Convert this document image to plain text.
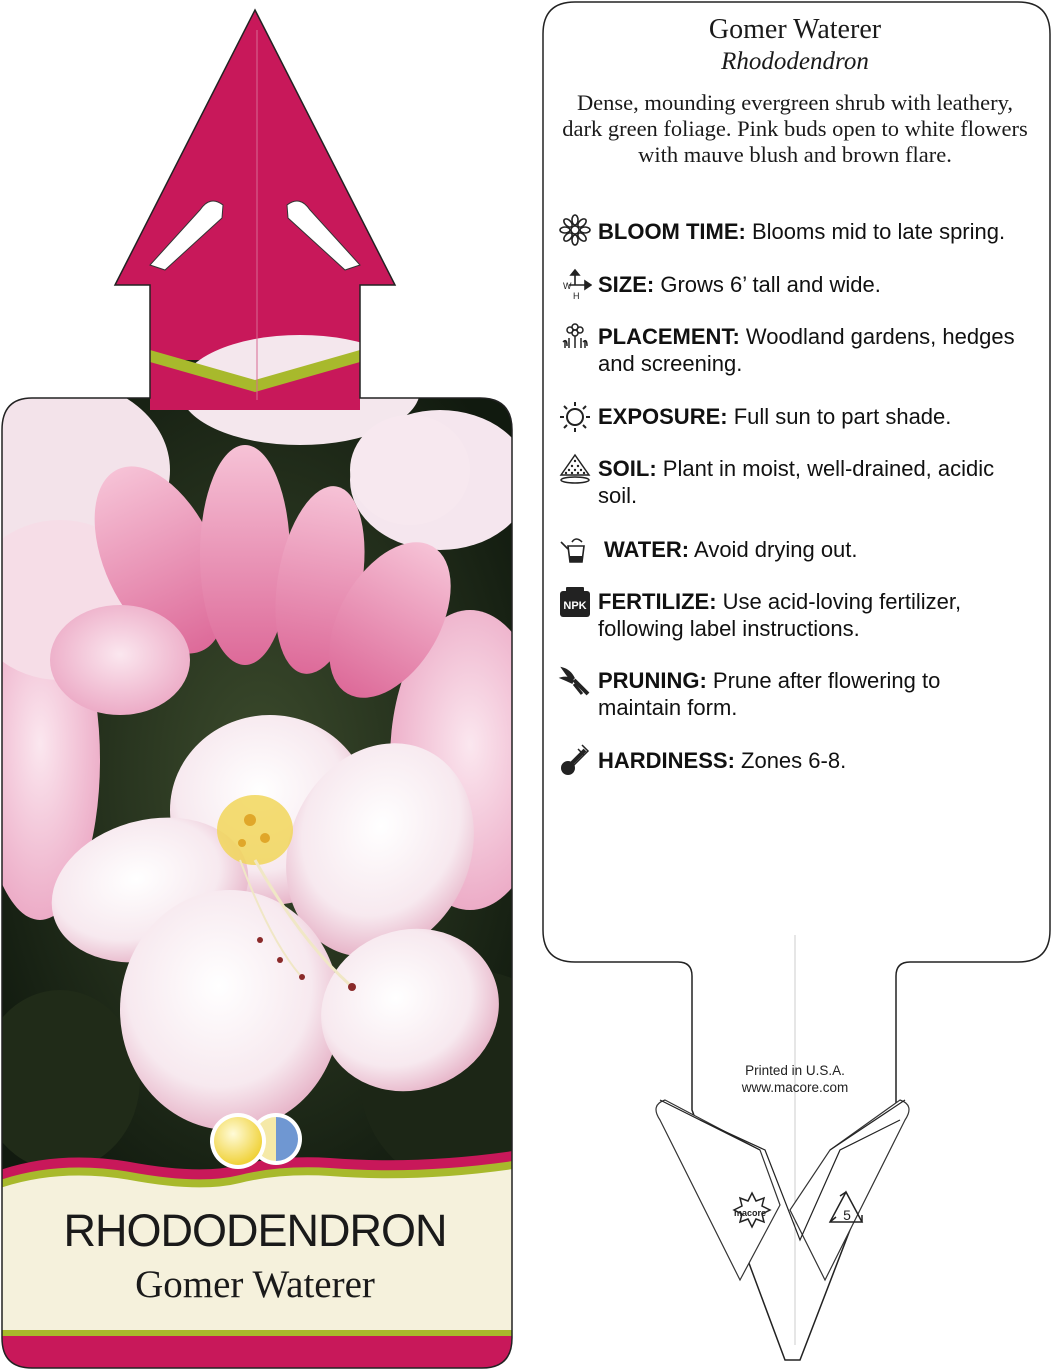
RHODODENDRON
Gomer Waterer
macore	5
Gomer Waterer
Rhododendron
Dense, mounding evergreen shrub with leathery, dark green foliage. Pink buds open to white flowers with mauve blush and brown flare.
W
H
NPK
BLOOM TIME: Blooms mid to late spring.
SIZE: Grows 6’ tall and wide.
PLACEMENT: Woodland gardens, hedges and screening.
EXPOSURE: Full sun to part shade.
SOIL: Plant in moist, well-drained, acidic soil.
WATER: Avoid drying out.
FERTILIZE: Use acid-loving fertilizer, following label instructions.
PRUNING: Prune after flowering to maintain form.
HARDINESS: Zones 6-8.
Printed in U.S.A.
www.macore.com
